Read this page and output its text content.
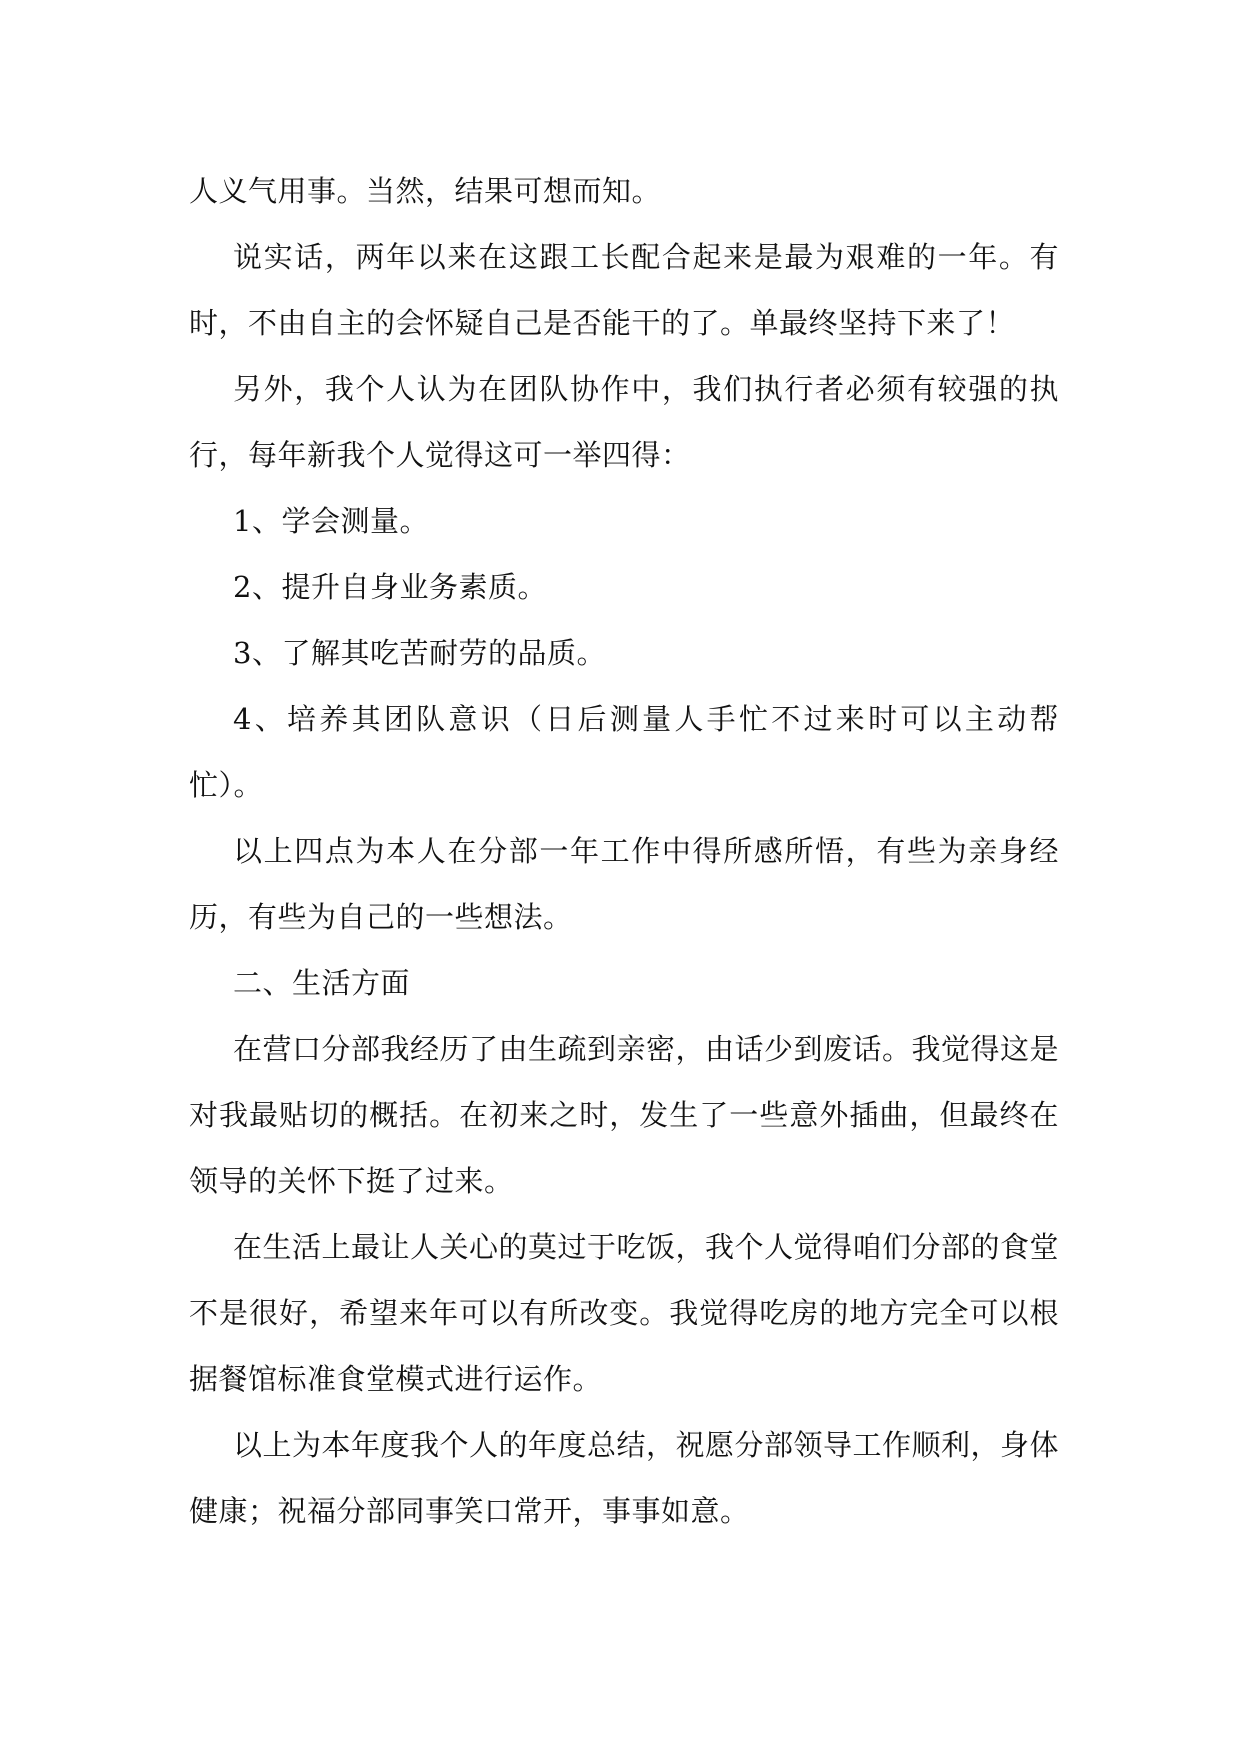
人义气用事。当然，结果可想而知。

说实话，两年以来在这跟工长配合起来是最为艰难的一年。有时，不由自主的会怀疑自己是否能干的了。单最终坚持下来了！

另外，我个人认为在团队协作中，我们执行者必须有较强的执行，每年新我个人觉得这可一举四得：

1、学会测量。

2、提升自身业务素质。

3、了解其吃苦耐劳的品质。

4、培养其团队意识（日后测量人手忙不过来时可以主动帮忙）。

以上四点为本人在分部一年工作中得所感所悟，有些为亲身经历，有些为自己的一些想法。

二、生活方面

在营口分部我经历了由生疏到亲密，由话少到废话。我觉得这是对我最贴切的概括。在初来之时，发生了一些意外插曲，但最终在领导的关怀下挺了过来。

在生活上最让人关心的莫过于吃饭，我个人觉得咱们分部的食堂不是很好，希望来年可以有所改变。我觉得吃房的地方完全可以根据餐馆标准食堂模式进行运作。

以上为本年度我个人的年度总结，祝愿分部领导工作顺利，身体健康；祝福分部同事笑口常开，事事如意。
